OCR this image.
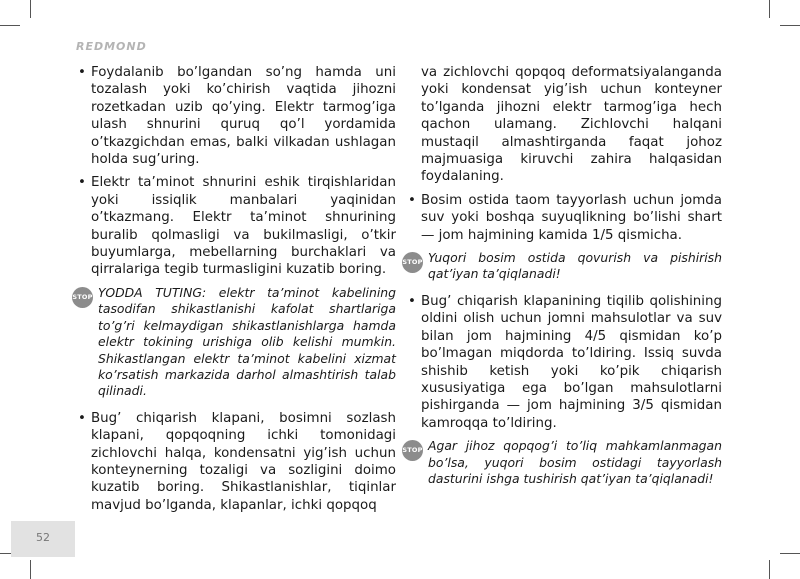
REDMOND

• Foydalanib bo’lgandan so’ng hamda uni tozalash yoki ko’chirish vaqtida jihozni rozetkadan uzib qo’ying. Elektr tarmog’iga ulash shnurini quruq qo’l yordamida o’tkazgichdan emas, balki vilkadan ushlagan holda sug’uring.

• Elektr ta’minot shnurini eshik tirqishlaridan yoki issiqlik manbalari yaqinidan o’tkazmang. Elektr ta’minot shnurining buralib qolmasligi va bukilmasligi, o’tkir buyumlarga, mebellarning burchaklari va qirralariga tegib turmasligini kuzatib boring.

STOP YODDA TUTING: elektr ta’minot kabelining tasodifan shikastlanishi kafolat shartlariga to’g’ri kelmaydigan shikastlanishlarga hamda elektr tokining urishiga olib kelishi mumkin. Shikastlangan elektr ta’minot kabelini xizmat ko’rsatish markazida darhol almashtirish talab qilinadi.

• Bug’ chiqarish klapani, bosimni sozlash klapani, qopqoqning ichki tomonidagi zichlovchi halqa, kondensatni yig’ish uchun konteynerning tozaligi va sozligini doimo kuzatib boring. Shikastlanishlar, tiqinlar mavjud bo’lganda, klapanlar, ichki qopqoq

va zichlovchi qopqoq deformatsiyalanganda yoki kondensat yig’ish uchun konteyner to’lganda jihozni elektr tarmog’iga hech qachon ulamang. Zichlovchi halqani mustaqil almashtirganda faqat johoz majmuasiga kiruvchi zahira halqasidan foydalaning.

• Bosim ostida taom tayyorlash uchun jomda suv yoki boshqa suyuqlikning bo’lishi shart — jom hajmining kamida 1/5 qismicha.

STOP Yuqori bosim ostida qovurish va pishirish qat’iyan ta’qiqlanadi!

• Bug’ chiqarish klapanining tiqilib qolishining oldini olish uchun jomni mahsulotlar va suv bilan jom hajmining 4/5 qismidan ko’p bo’lmagan miqdorda to’ldiring. Issiq suvda shishib ketish yoki ko’pik chiqarish xususiyatiga ega bo’lgan mahsulotlarni pishirganda — jom hajmining 3/5 qismidan kamroqqa to’ldiring.

STOP Agar jihoz qopqog’i to’liq mahkamlanmagan bo’lsa, yuqori bosim ostidagi tayyorlash dasturini ishga tushirish qat’iyan ta’qiqlanadi!
52
